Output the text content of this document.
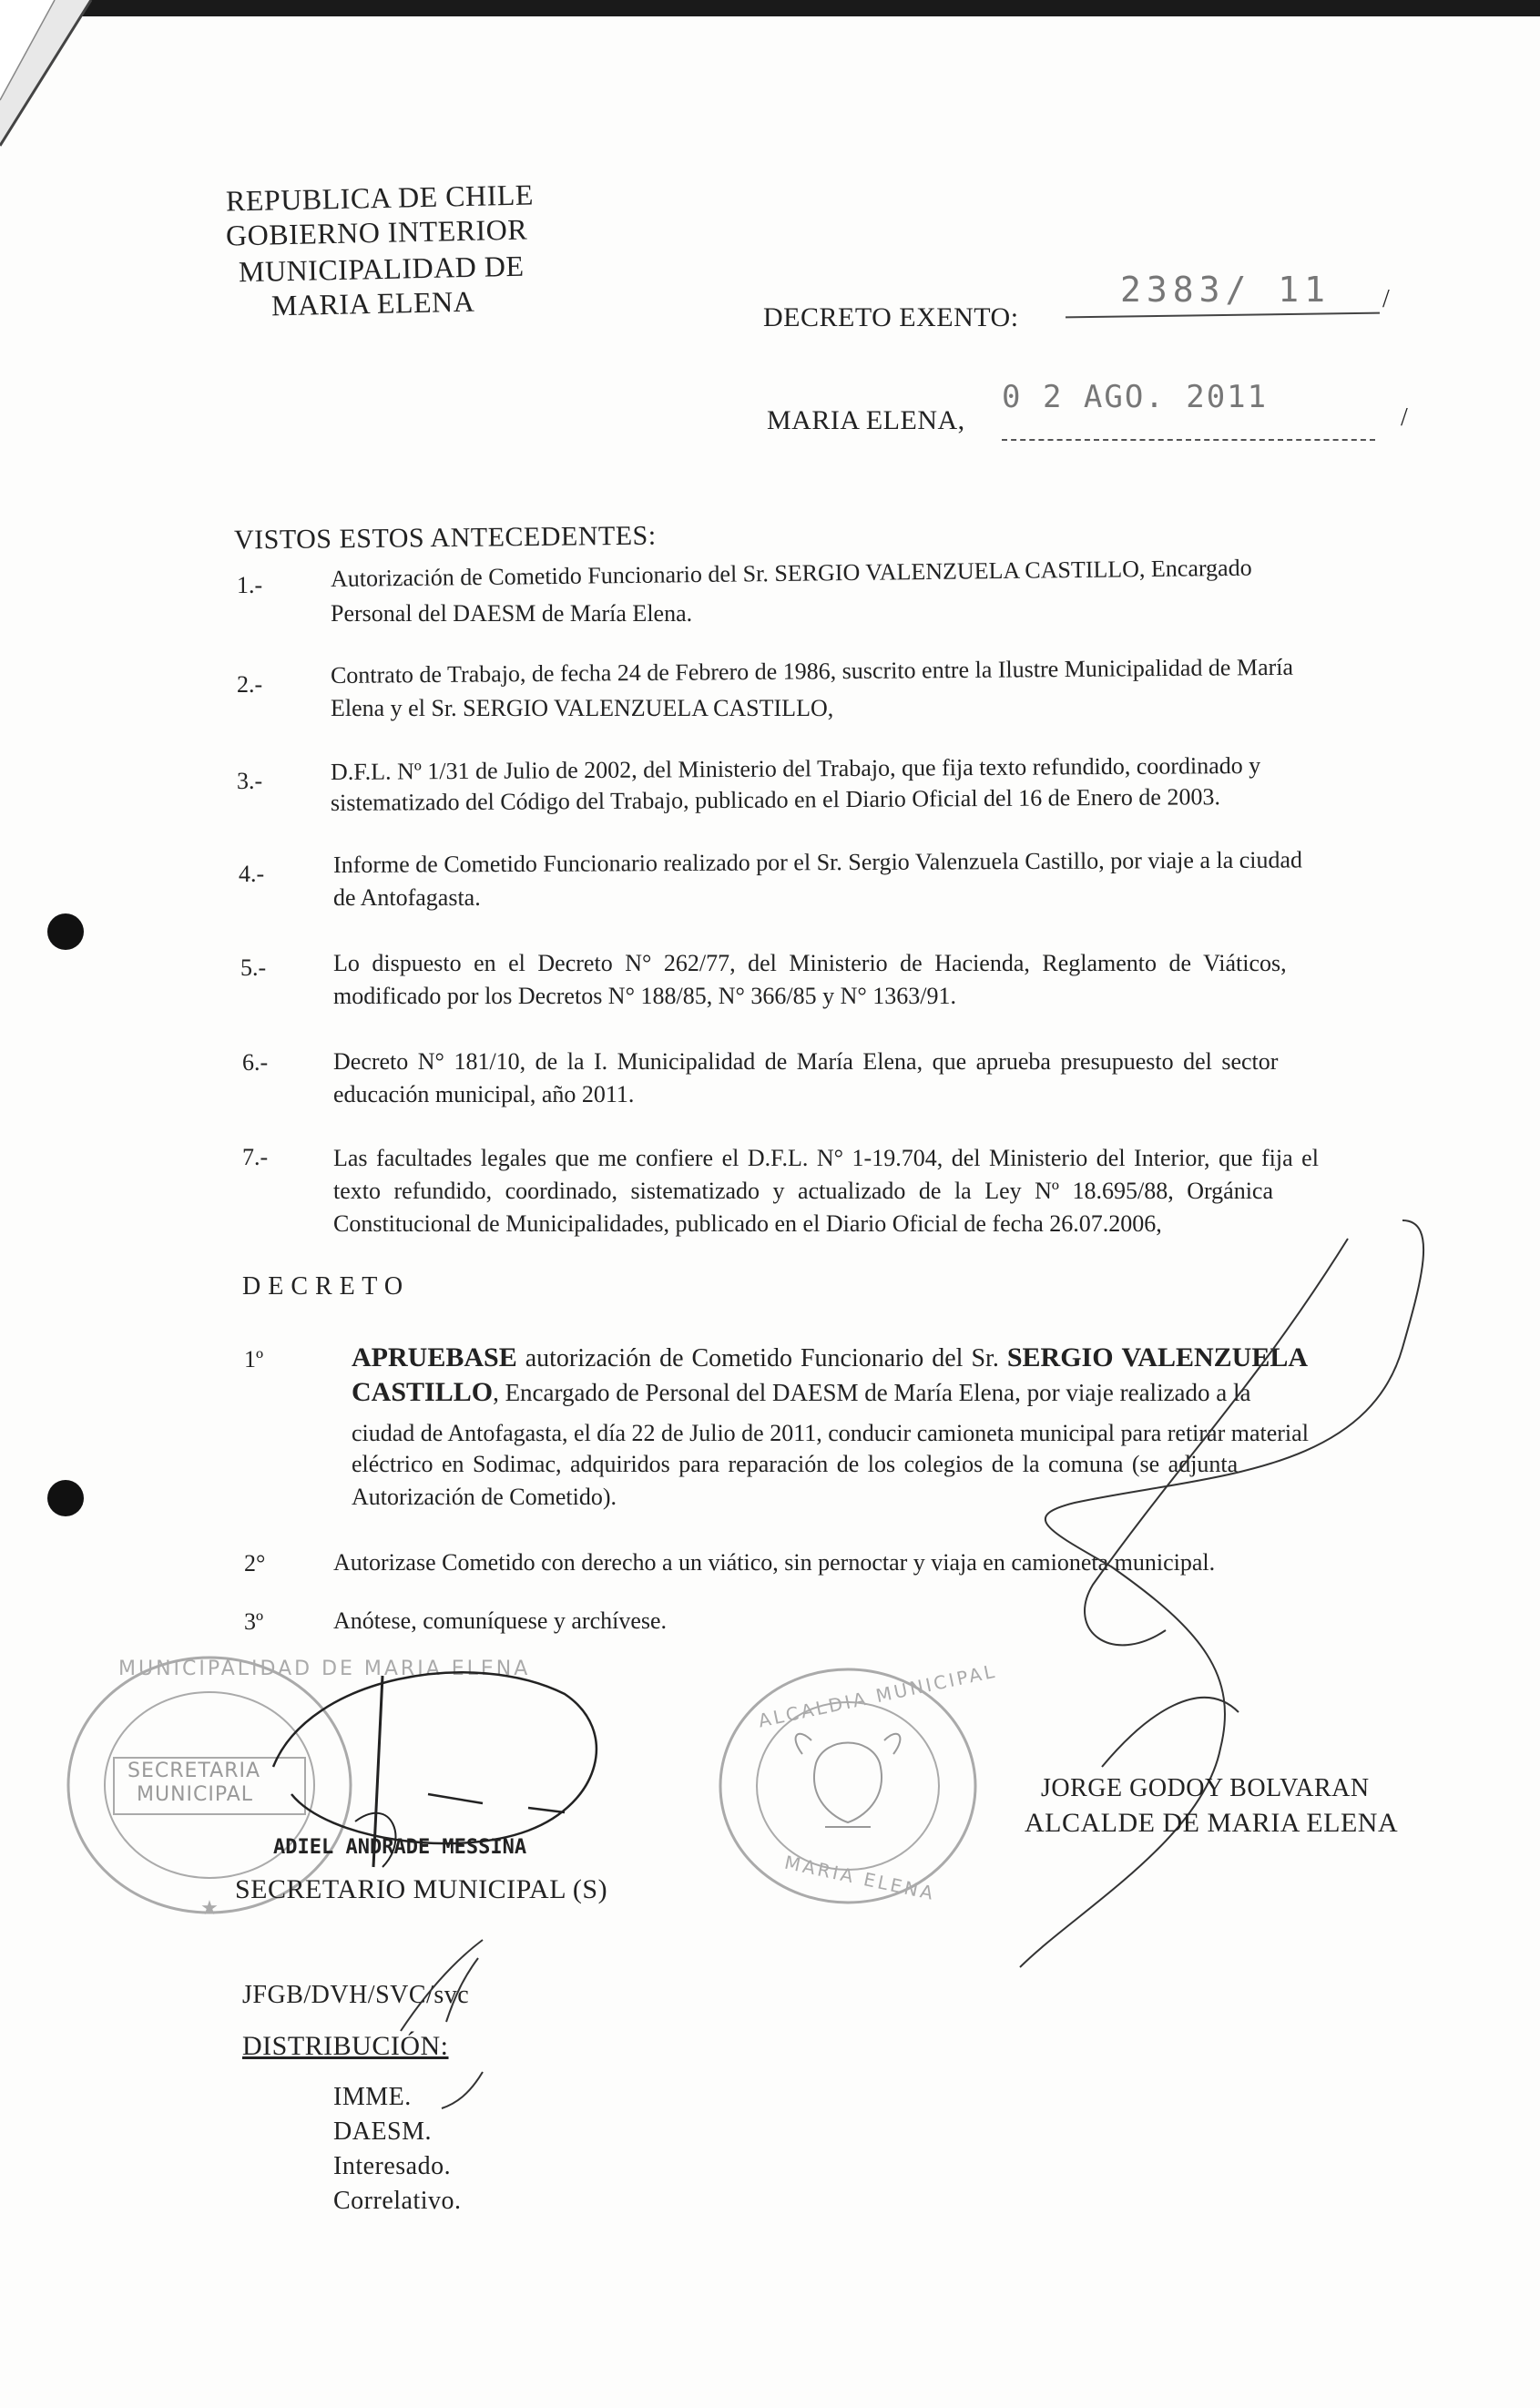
REPUBLICA DE CHILE
GOBIERNO INTERIOR
MUNICIPALIDAD DE
MARIA ELENA	DECRETO EXENTO:
2383/ 11 /
MARIA ELENA,
0 2 AGO. 2011
/
VISTOS ESTOS ANTECEDENTES:
1.-	Autorización de Cometido Funcionario del Sr. SERGIO VALENZUELA CASTILLO, Encargado
Personal del DAESM de María Elena.
2.-	Contrato de Trabajo, de fecha 24 de Febrero de 1986, suscrito entre la Ilustre Municipalidad de María
Elena y el Sr. SERGIO VALENZUELA CASTILLO,
3.-	D.F.L. Nº 1/31 de Julio de 2002, del Ministerio del Trabajo, que fija texto refundido, coordinado y
sistematizado del Código del Trabajo, publicado en el Diario Oficial del 16 de Enero de 2003.
4.-	Informe de Cometido Funcionario realizado por el Sr. Sergio Valenzuela Castillo, por viaje a la ciudad
de Antofagasta.
5.-	Lo dispuesto en el Decreto N° 262/77, del Ministerio de Hacienda, Reglamento de Viáticos,
modificado por los Decretos N° 188/85, N° 366/85 y N° 1363/91.
6.-	Decreto N° 181/10, de la I. Municipalidad de María Elena, que aprueba presupuesto del sector
educación municipal, año 2011.
7.-	Las facultades legales que me confiere el D.F.L. N° 1-19.704, del Ministerio del Interior, que fija el
texto refundido, coordinado, sistematizado y actualizado de la Ley Nº 18.695/88, Orgánica
Constitucional de Municipalidades, publicado en el Diario Oficial de fecha 26.07.2006,
D E C R E T O
1º	APRUEBASE autorización de Cometido Funcionario del Sr. SERGIO VALENZUELA
CASTILLO, Encargado de Personal del DAESM de María Elena, por viaje realizado a la
ciudad de Antofagasta, el día 22 de Julio de 2011, conducir camioneta municipal para retirar material
eléctrico en Sodimac, adquiridos para reparación de los colegios de la comuna (se adjunta
Autorización de Cometido).
2°	Autorizase Cometido con derecho a un viático, sin pernoctar y viaja en camioneta municipal.
3º	Anótese, comuníquese y archívese.
★
MUNICIPALIDAD DE MARIA ELENA
SECRETARIA
MUNICIPAL
ADIEL ANDRADE MESSINA
SECRETARIO MUNICIPAL (S)
ALCALDIA MUNICIPAL
MARIA ELENA
JORGE GODOY BOLVARAN
ALCALDE DE MARIA ELENA
JFGB/DVH/SVC/svc
DISTRIBUCIÓN:
IMME.
DAESM.
Interesado.
Correlativo.
